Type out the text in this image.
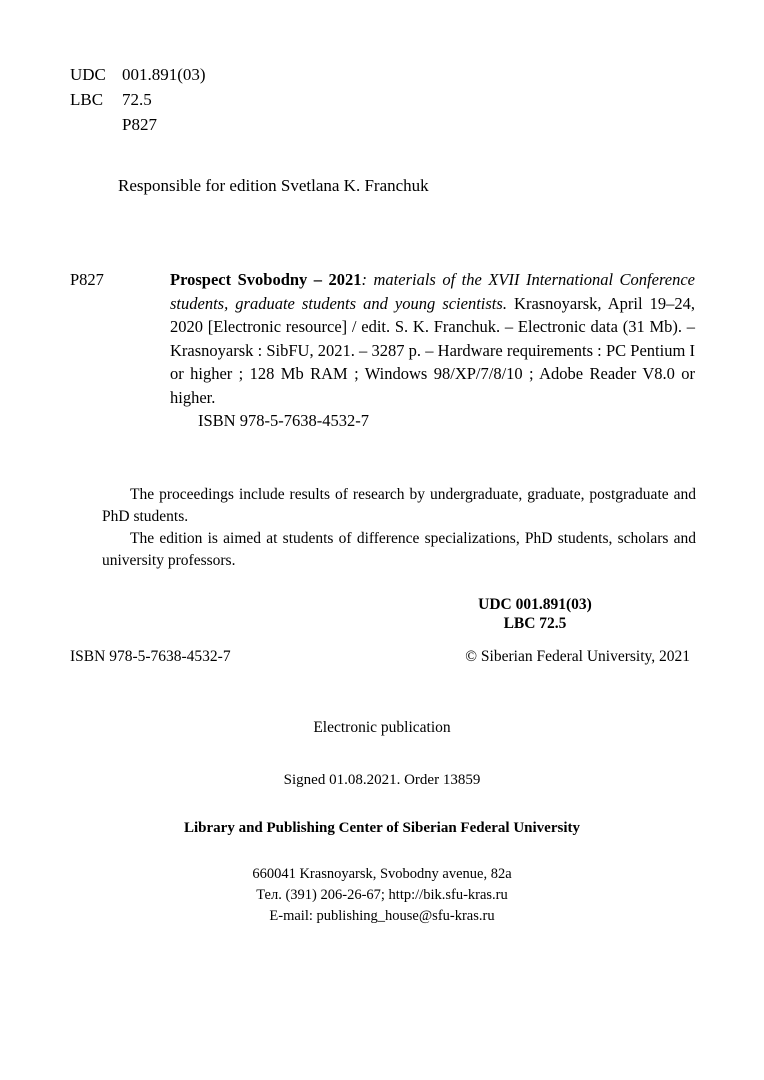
UDC 001.891(03)
LBC	72.5
P827
Responsible for edition Svetlana K. Franchuk
P827	Prospect Svobodny – 2021: materials of the XVII International Conference students, graduate students and young scientists. Krasnoyarsk, April 19–24, 2020 [Electronic resource] / edit. S. K. Franchuk. – Electronic data (31 Mb). – Krasnoyarsk : SibFU, 2021. – 3287 p. – Hardware requirements : PC Pentium I or higher ; 128 Mb RAM ; Windows 98/XP/7/8/10 ; Adobe Reader V8.0 or higher.
ISBN 978-5-7638-4532-7

The proceedings include results of research by undergraduate, graduate, postgraduate and PhD students.

The edition is aimed at students of difference specializations, PhD students, scholars and university professors.

UDC 001.891(03)
LBC 72.5
ISBN 978-5-7638-4532-7	© Siberian Federal University, 2021
Electronic publication
Signed 01.08.2021. Order 13859
Library and Publishing Center of Siberian Federal University
660041 Krasnoyarsk, Svobodny avenue, 82а
Тел. (391) 206-26-67; http://bik.sfu-kras.ru
E-mail: publishing_house@sfu-kras.ru
